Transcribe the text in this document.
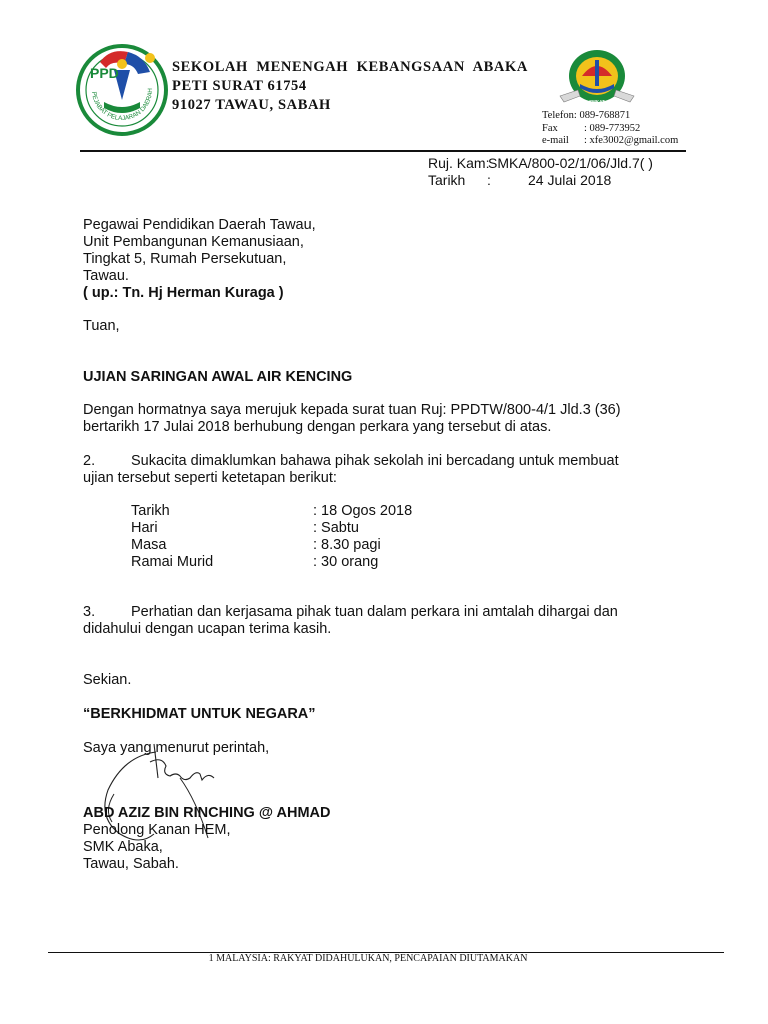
PPD
PEJABAT PELAJARAN DAERAH
SEKOLAH  MENENGAH  KEBANGSAAN  ABAKA
PETI SURAT 61754
91027 TAWAU, SABAH	SMKAT
Telefon: 089-768871
Fax	: 089-773952
e-mail : xfe3002@gmail.com
Ruj. Kam:
SMKA/800-02/1/06/Jld.7( )
Tarikh :	24 Julai 2018
Pegawai Pendidikan Daerah Tawau,
Unit Pembangunan Kemanusiaan,
Tingkat 5, Rumah Persekutuan,
Tawau.
( up.: Tn. Hj Herman Kuraga )
Tuan,
UJIAN SARINGAN AWAL AIR KENCING
Dengan hormatnya saya merujuk kepada surat tuan Ruj: PPDTW/800-4/1 Jld.3 (36)
bertarikh 17 Julai 2018 berhubung dengan perkara yang tersebut di atas.
2. Sukacita dimaklumkan bahawa pihak sekolah ini bercadang untuk membuat
ujian tersebut seperti ketetapan berikut:
Tarikh	: 18 Ogos 2018
Hari	: Sabtu
Masa	: 8.30 pagi
Ramai Murid	: 30 orang
3. Perhatian dan kerjasama pihak tuan dalam perkara ini amtalah dihargai dan
didahului dengan ucapan terima kasih.
Sekian.
“BERKHIDMAT UNTUK NEGARA”
Saya yang menurut perintah,
ABD AZIZ BIN RINCHING @ AHMAD
Penolong Kanan HEM,
SMK Abaka,
Tawau, Sabah.
1 MALAYSIA: RAKYAT DIDAHULUKAN, PENCAPAIAN DIUTAMAKAN
